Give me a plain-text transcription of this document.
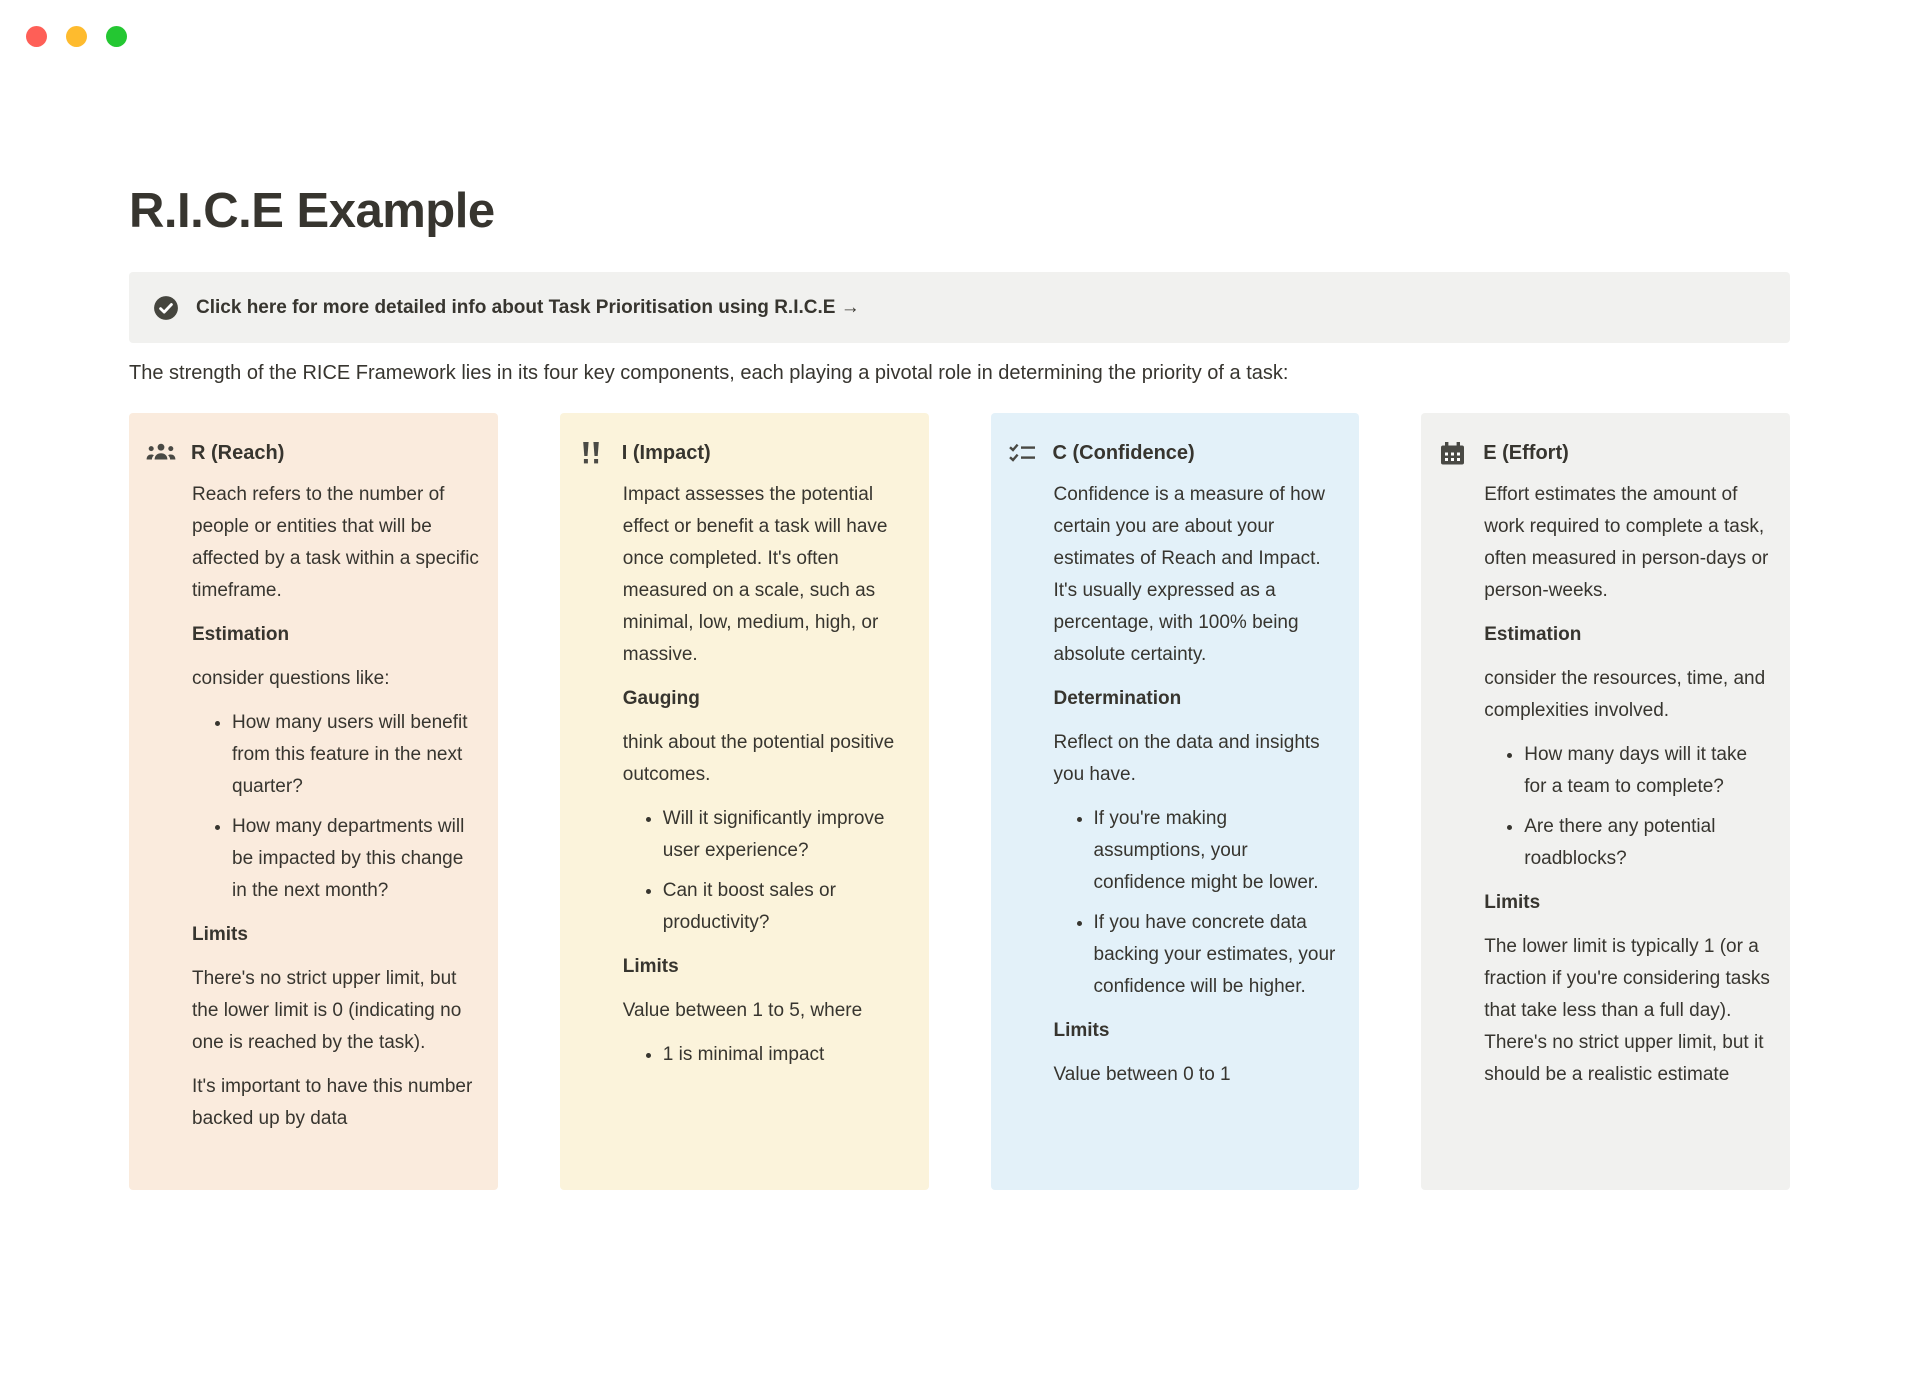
R.I.C.E Example
Click here for more detailed info about Task Prioritisation using R.I.C.E →

The strength of the RICE Framework lies in its four key components, each playing a pivotal role in determining the priority of a task:

R (Reach)

Reach refers to the number of people or entities that will be affected by a task within a specific timeframe.

Estimation

consider questions like:

• How many users will benefit from this feature in the next quarter?
• How many departments will be impacted by this change in the next month?

Limits

There's no strict upper limit, but the lower limit is 0 (indicating no one is reached by the task).

It's important to have this number backed up by data

I (Impact)

Impact assesses the potential effect or benefit a task will have once completed. It's often measured on a scale, such as minimal, low, medium, high, or massive.

Gauging

think about the potential positive outcomes.

• Will it significantly improve user experience?
• Can it boost sales or productivity?

Limits

Value between 1 to 5, where

• 1 is minimal impact
C (Confidence)

Confidence is a measure of how certain you are about your estimates of Reach and Impact. It's usually expressed as a percentage, with 100% being absolute certainty.

Determination

Reflect on the data and insights you have.

• If you're making assumptions, your confidence might be lower.
• If you have concrete data backing your estimates, your confidence will be higher.

Limits

Value between 0 to 1

E (Effort)

Effort estimates the amount of work required to complete a task, often measured in person-days or person-weeks.

Estimation

consider the resources, time, and complexities involved.

• How many days will it take for a team to complete?
• Are there any potential roadblocks?

Limits

The lower limit is typically 1 (or a fraction if you're considering tasks that take less than a full day). There's no strict upper limit, but it should be a realistic estimate
